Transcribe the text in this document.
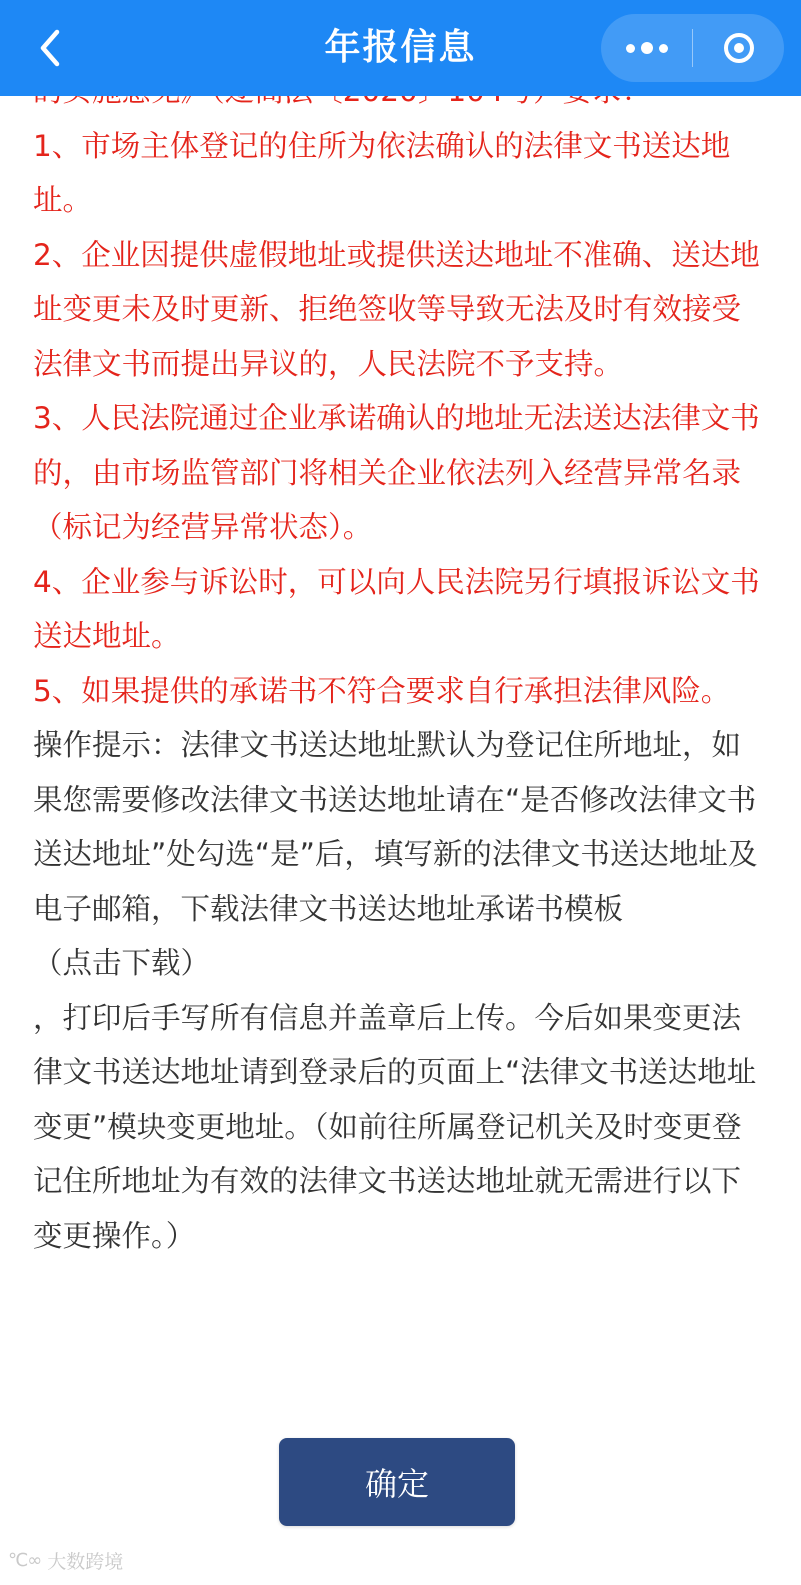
年报信息

1、市场主体登记的住所为依法确认的法律文书送达地址。

2、企业因提供虚假地址或提供送达地址不准确、送达地址变更未及时更新、拒绝签收等导致无法及时有效接受法律文书而提出异议的，人民法院不予支持。

3、人民法院通过企业承诺确认的地址无法送达法律文书的，由市场监管部门将相关企业依法列入经营异常名录（标记为经营异常状态）。

4、企业参与诉讼时，可以向人民法院另行填报诉讼文书送达地址。

5、如果提供的承诺书不符合要求自行承担法律风险。

操作提示：法律文书送达地址默认为登记住所地址，如果您需要修改法律文书送达地址请在“是否修改法律文书送达地址”处勾选“是”后，填写新的法律文书送达地址及电子邮箱，下载法律文书送达地址承诺书模板

（点击下载）

，打印后手写所有信息并盖章后上传。今后如果变更法律文书送达地址请到登录后的页面上“法律文书送达地址变更”模块变更地址。（如前往所属登记机关及时变更登记住所地址为有效的法律文书送达地址就无需进行以下变更操作。）

确定
℃∞ 大数跨境
